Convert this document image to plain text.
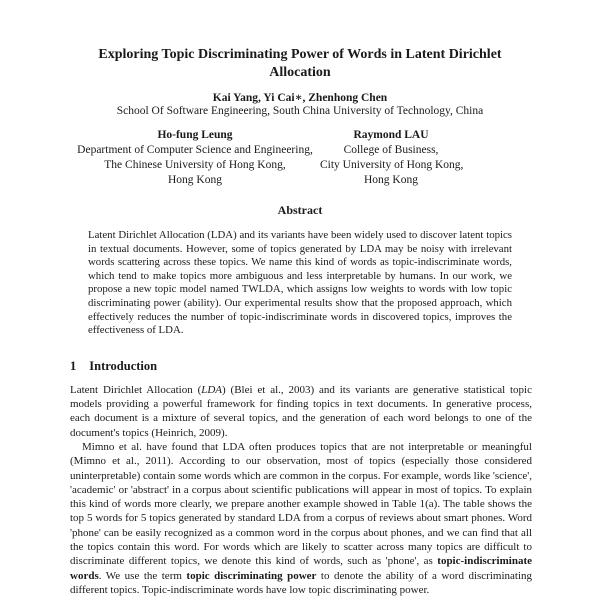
Exploring Topic Discriminating Power of Words in Latent Dirichlet Allocation
Kai Yang, Yi Cai∗, Zhenhong Chen
School Of Software Engineering, South China University of Technology, China
Ho-fung Leung
Department of Computer Science and Engineering,
The Chinese University of Hong Kong,
Hong Kong
Raymond LAU
College of Business,
City University of Hong Kong,
Hong Kong
Abstract
Latent Dirichlet Allocation (LDA) and its variants have been widely used to discover latent topics in textual documents. However, some of topics generated by LDA may be noisy with irrelevant words scattering across these topics. We name this kind of words as topic-indiscriminate words, which tend to make topics more ambiguous and less interpretable by humans. In our work, we propose a new topic model named TWLDA, which assigns low weights to words with low topic discriminating power (ability). Our experimental results show that the proposed approach, which effectively reduces the number of topic-indiscriminate words in discovered topics, improves the effectiveness of LDA.
1 Introduction

Latent Dirichlet Allocation (LDA) (Blei et al., 2003) and its variants are generative statistical topic models providing a powerful framework for finding topics in text documents. In generative process, each document is a mixture of several topics, and the generation of each word belongs to one of the document's topics (Heinrich, 2009).

Mimno et al. have found that LDA often produces topics that are not interpretable or meaningful (Mimno et al., 2011). According to our observation, most of topics (especially those considered uninterpretable) contain some words which are common in the corpus. For example, words like 'science', 'academic' or 'abstract' in a corpus about scientific publications will appear in most of topics. To explain this kind of words more clearly, we prepare another example showed in Table 1(a). The table shows the top 5 words for 5 topics generated by standard LDA from a corpus of reviews about smart phones. Word 'phone' can be easily recognized as a common word in the corpus about phones, and we can find that all the topics contain this word. For words which are likely to scatter across many topics are difficult to discriminate different topics, we denote this kind of words, such as 'phone', as topic-indiscriminate words. We use the term topic discriminating power to denote the ability of a word discriminating different topics. Topic-indiscriminate words have low topic discriminating power.
